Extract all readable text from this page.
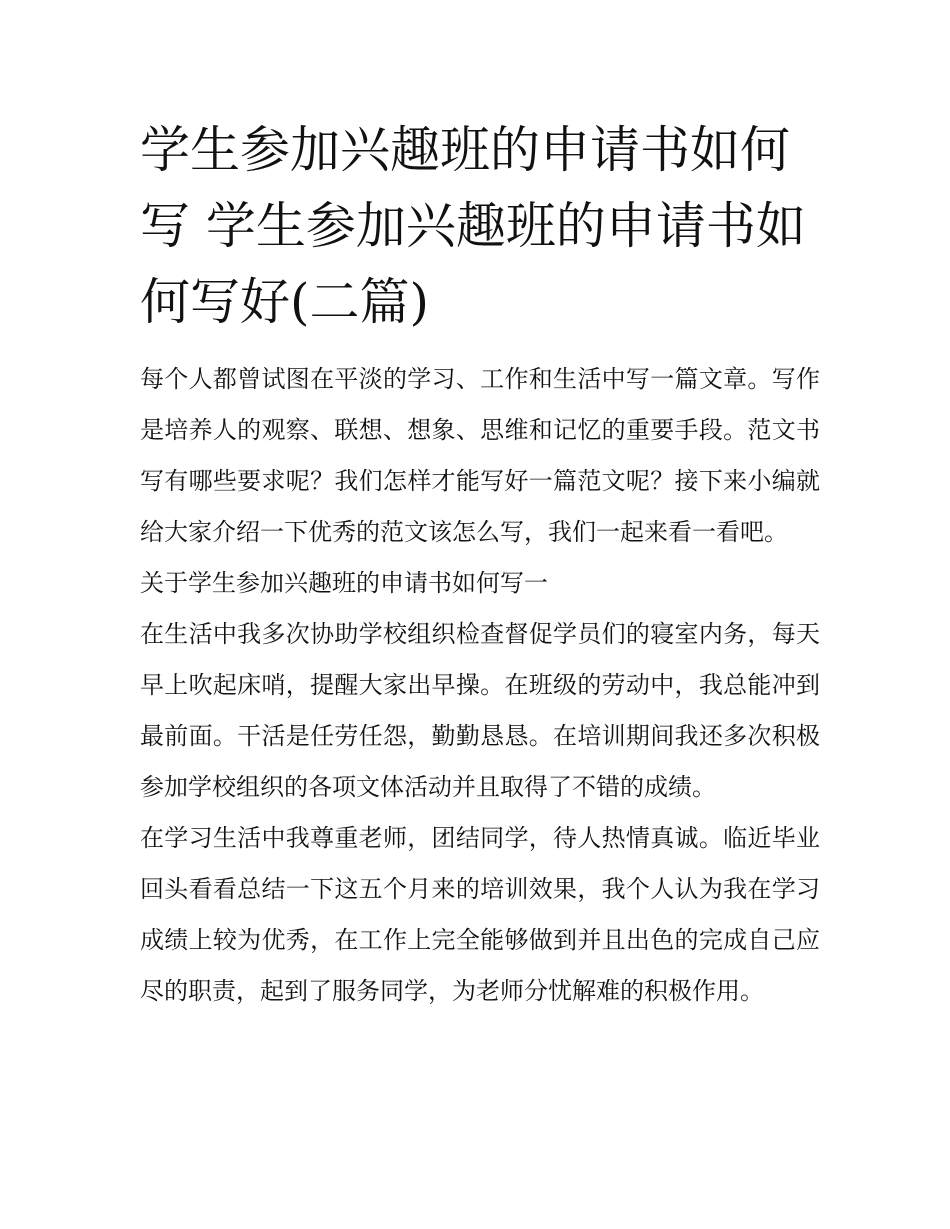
学生参加兴趣班的申请书如何写 学生参加兴趣班的申请书如何写好(二篇)

每个人都曾试图在平淡的学习、工作和生活中写一篇文章。写作是培养人的观察、联想、想象、思维和记忆的重要手段。范文书写有哪些要求呢？我们怎样才能写好一篇范文呢？接下来小编就给大家介绍一下优秀的范文该怎么写，我们一起来看一看吧。

关于学生参加兴趣班的申请书如何写一

在生活中我多次协助学校组织检查督促学员们的寝室内务，每天早上吹起床哨，提醒大家出早操。在班级的劳动中，我总能冲到最前面。干活是任劳任怨，勤勤恳恳。在培训期间我还多次积极参加学校组织的各项文体活动并且取得了不错的成绩。

在学习生活中我尊重老师，团结同学，待人热情真诚。临近毕业回头看看总结一下这五个月来的培训效果，我个人认为我在学习成绩上较为优秀，在工作上完全能够做到并且出色的完成自己应尽的职责，起到了服务同学，为老师分忧解难的积极作用。
